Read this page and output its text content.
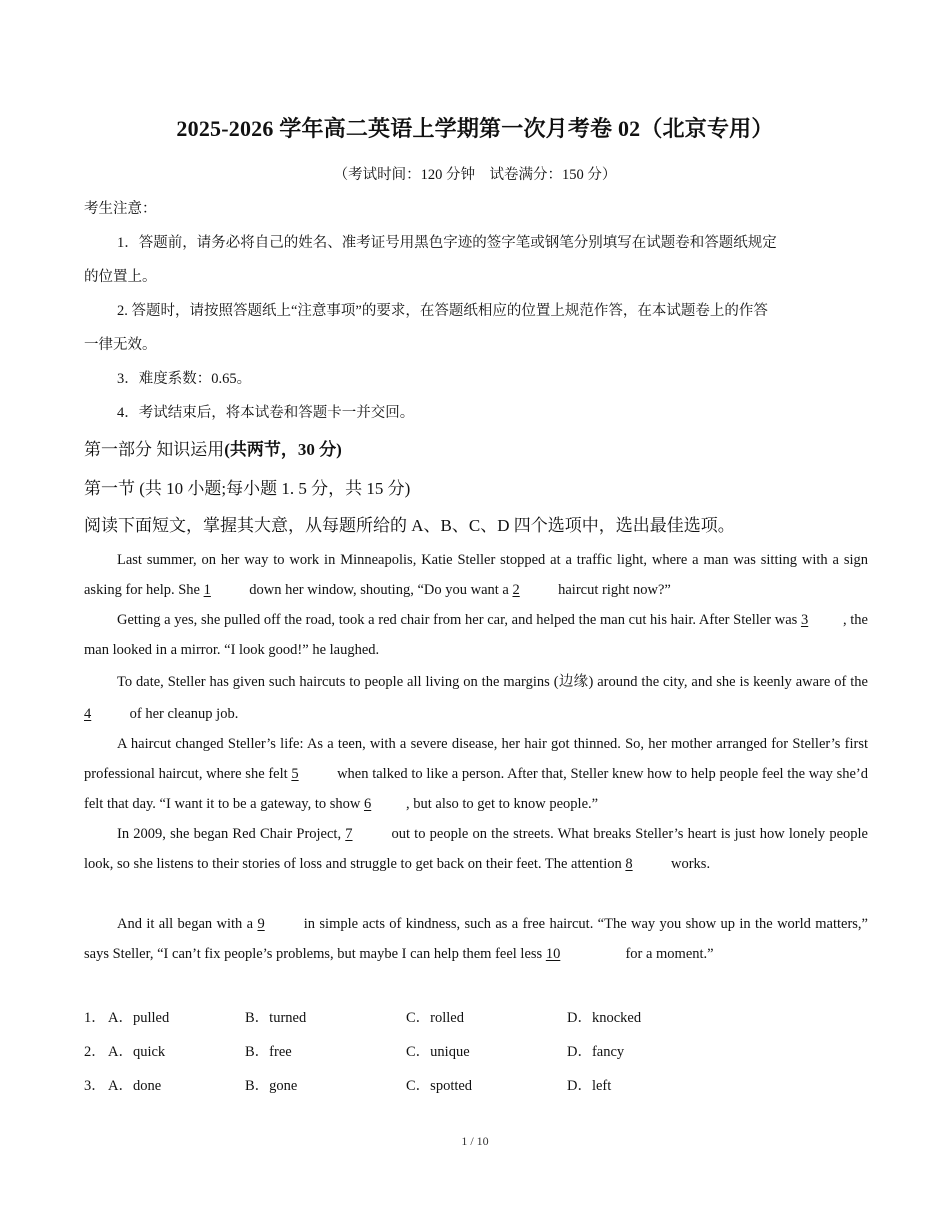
2025-2026 学年高二英语上学期第一次月考卷 02（北京专用）
（考试时间：120 分钟    试卷满分：150 分）
考生注意：
1．答题前，请务必将自己的姓名、准考证号用黑色字迹的签字笔或钢笔分别填写在试题卷和答题纸规定
的位置上。
2. 答题时，请按照答题纸上“注意事项”的要求，在答题纸相应的位置上规范作答，在本试题卷上的作答
一律无效。
3．难度系数：0.65。
4．考试结束后，将本试卷和答题卡一并交回。
第一部分 知识运用(共两节，30 分)
第一节 (共 10 小题;每小题 1. 5 分，共 15 分)
阅读下面短文，掌握其大意，从每题所给的 A、B、C、D 四个选项中，选出最佳选项。
Last summer, on her way to work in Minneapolis, Katie Steller stopped at a traffic light, where a man was sitting with a sign asking for help. She 1 down her window, shouting, “Do you want a 2 haircut right now?”
Getting a yes, she pulled off the road, took a red chair from her car, and helped the man cut his hair. After Steller was 3 , the man looked in a mirror. “I look good!” he laughed.
To date, Steller has given such haircuts to people all living on the margins (边缘) around the city, and she is keenly aware of the 4 of her cleanup job.
A haircut changed Steller’s life: As a teen, with a severe disease, her hair got thinned. So, her mother arranged for Steller’s first professional haircut, where she felt 5 when talked to like a person. After that, Steller knew how to help people feel the way she’d felt that day. “I want it to be a gateway, to show 6 , but also to get to know people.”
In 2009, she began Red Chair Project, 7 out to people on the streets. What breaks Steller’s heart is just how lonely people look, so she listens to their stories of loss and struggle to get back on their feet. The attention 8 works.
And it all began with a 9 in simple acts of kindness, such as a free haircut. “The way you show up in the world matters,” says Steller, “I can’t fix people’s problems, but maybe I can help them feel less 10	for a moment.”
1． A．pulled	B．turned	C．rolled	D．knocked
2． A．quick	B．free	C．unique	D．fancy
3． A．done	B．gone	C．spotted	D．left
1 / 10
